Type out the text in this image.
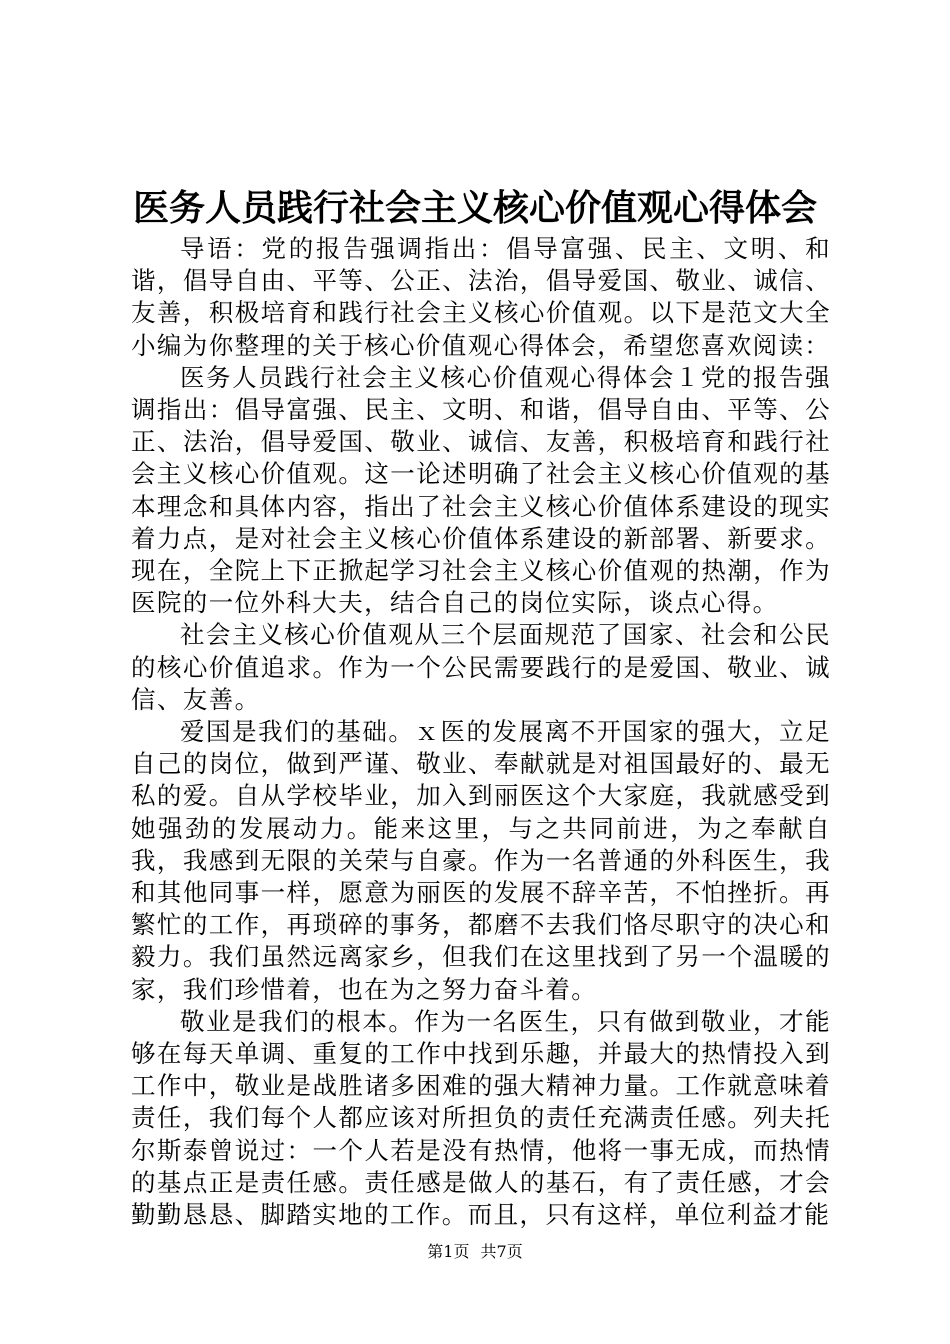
医务人员践行社会主义核心价值观心得体会

导语：党的报告强调指出：倡导富强、民主、文明、和谐，倡导自由、平等、公正、法治，倡导爱国、敬业、诚信、友善，积极培育和践行社会主义核心价值观。以下是范文大全小编为你整理的关于核心价值观心得体会，希望您喜欢阅读：

医务人员践行社会主义核心价值观心得体会１党的报告强调指出：倡导富强、民主、文明、和谐，倡导自由、平等、公正、法治，倡导爱国、敬业、诚信、友善，积极培育和践行社会主义核心价值观。这一论述明确了社会主义核心价值观的基本理念和具体内容，指出了社会主义核心价值体系建设的现实着力点，是对社会主义核心价值体系建设的新部署、新要求。现在，全院上下正掀起学习社会主义核心价值观的热潮，作为医院的一位外科大夫，结合自己的岗位实际，谈点心得。

社会主义核心价值观从三个层面规范了国家、社会和公民的核心价值追求。作为一个公民需要践行的是爱国、敬业、诚信、友善。

爱国是我们的基础。ｘ医的发展离不开国家的强大，立足自己的岗位，做到严谨、敬业、奉献就是对祖国最好的、最无私的爱。自从学校毕业，加入到丽医这个大家庭，我就感受到她强劲的发展动力。能来这里，与之共同前进，为之奉献自我，我感到无限的关荣与自豪。作为一名普通的外科医生，我和其他同事一样，愿意为丽医的发展不辞辛苦，不怕挫折。再繁忙的工作，再琐碎的事务，都磨不去我们恪尽职守的决心和毅力。我们虽然远离家乡，但我们在这里找到了另一个温暖的家，我们珍惜着，也在为之努力奋斗着。

敬业是我们的根本。作为一名医生，只有做到敬业，才能够在每天单调、重复的工作中找到乐趣，并最大的热情投入到工作中，敬业是战胜诸多困难的强大精神力量。工作就意味着责任，我们每个人都应该对所担负的责任充满责任感。列夫托尔斯泰曾说过：一个人若是没有热情，他将一事无成，而热情的基点正是责任感。责任感是做人的基石，有了责任感，才会勤勤恳恳、脚踏实地的工作。而且，只有这样，单位利益才能

第1页 共7页
